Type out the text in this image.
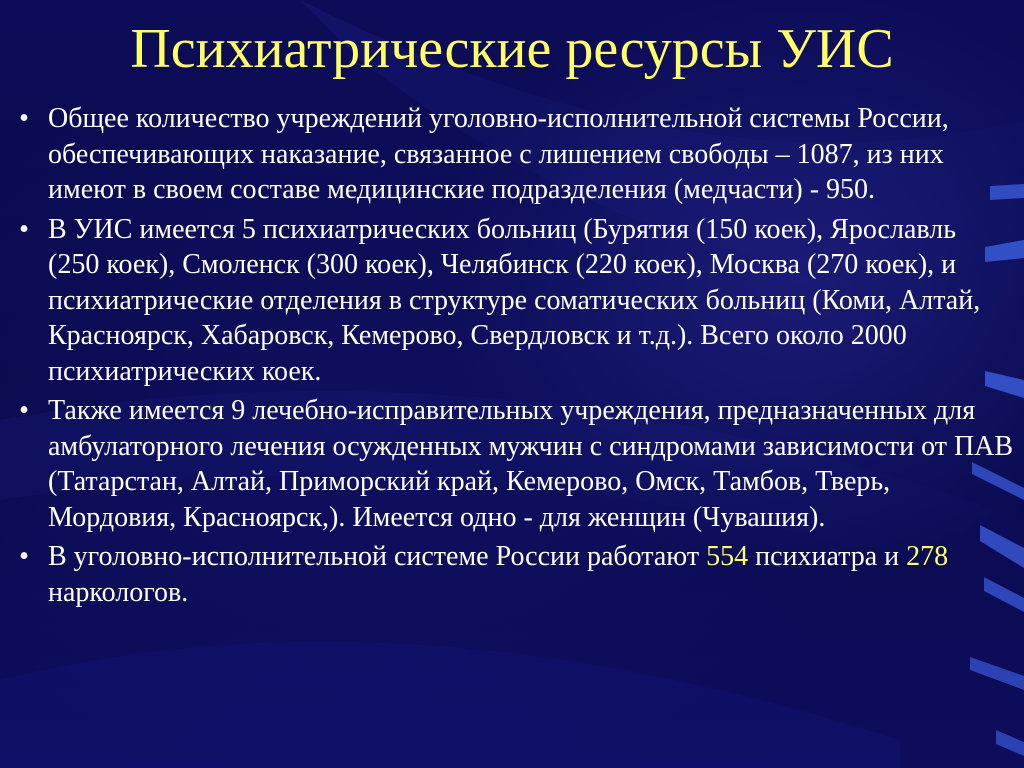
Психиатрические ресурсы УИС
• Общее количество учреждений уголовно-исполнительной системы России, обеспечивающих наказание, связанное с лишением свободы – 1087, из них имеют в своем составе медицинские подразделения (медчасти) - 950.
• В УИС имеется 5 психиатрических больниц (Бурятия (150 коек), Ярославль (250 коек), Смоленск (300 коек), Челябинск (220 коек), Москва (270 коек), и психиатрические отделения в структуре соматических больниц (Коми, Алтай, Красноярск, Хабаровск, Кемерово, Свердловск и т.д.). Всего около 2000 психиатрических коек.
• Также имеется 9 лечебно-исправительных учреждения, предназначенных для амбулаторного лечения осужденных мужчин с синдромами зависимости от ПАВ (Татарстан, Алтай, Приморский край, Кемерово, Омск, Тамбов, Тверь, Мордовия, Красноярск,). Имеется одно - для женщин (Чувашия).
• В уголовно-исполнительной системе России работают 554 психиатра и 278 наркологов.
